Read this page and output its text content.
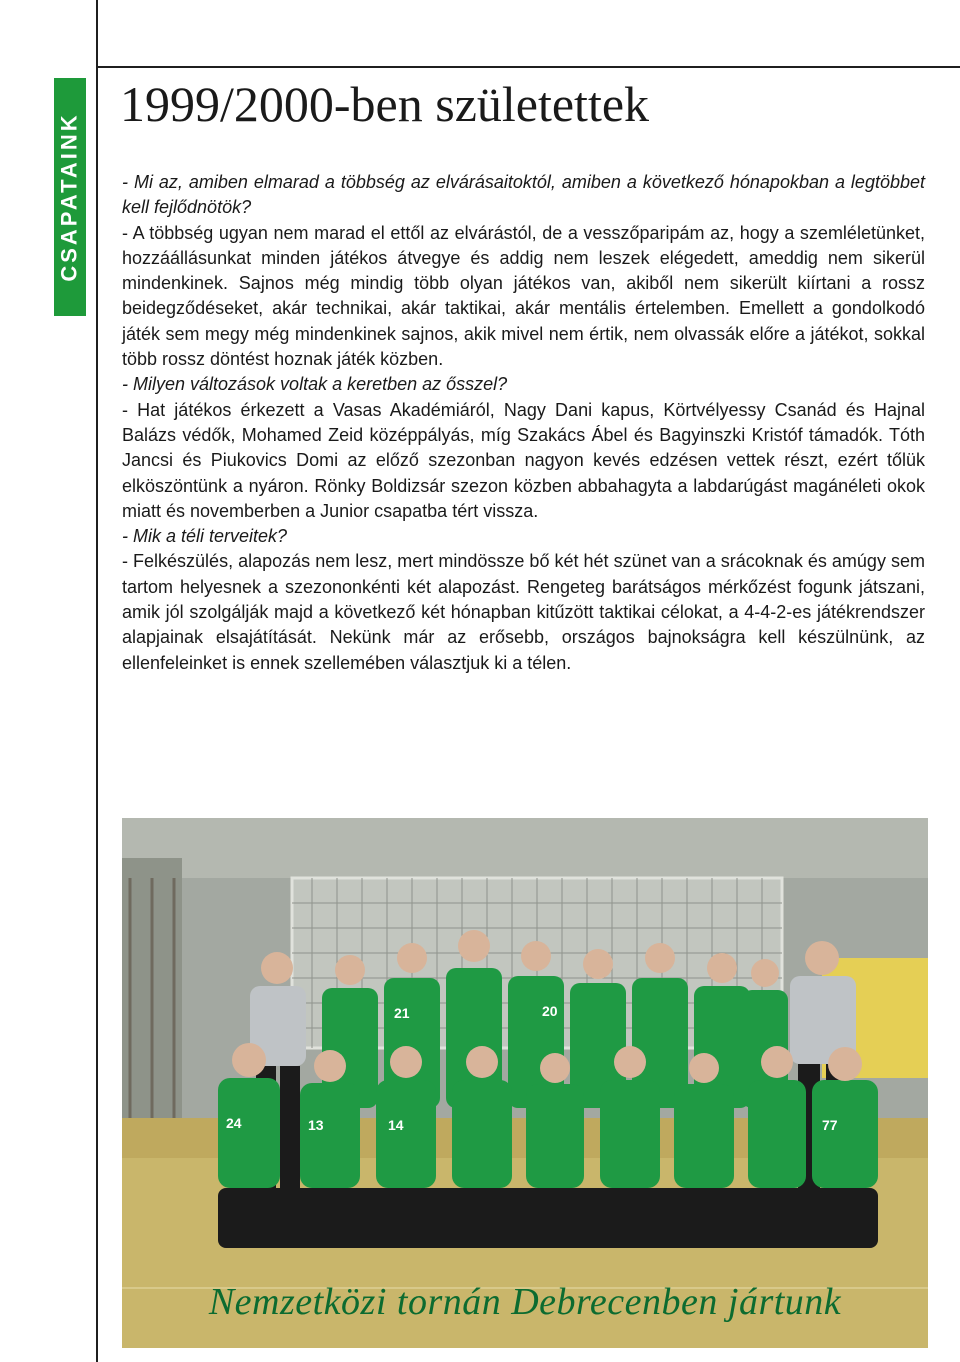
CSAPATAINK
1999/2000-ben születettek

- Mi az, amiben elmarad a többség az elvárásaitoktól, amiben a következő hónapokban a legtöbbet kell fejlődnötök?

- A többség ugyan nem marad el ettől az elvárástól, de a vesszőparipám az, hogy a szemléletünket, hozzáállásunkat minden játékos átvegye és addig nem leszek elégedett, ameddig nem sikerül mindenkinek. Sajnos még mindig több olyan játékos van, akiből nem sikerült kiírtani a rossz beidegződéseket, akár technikai, akár taktikai, akár mentális értelemben. Emellett a gondolkodó játék sem megy még mindenkinek sajnos, akik mivel nem értik, nem olvassák előre a játékot, sokkal több rossz döntést hoznak játék közben.

- Milyen változások voltak a keretben az ősszel?

- Hat játékos érkezett a Vasas Akadémiáról, Nagy Dani kapus, Körtvélyessy Csanád és Hajnal Balázs védők, Mohamed Zeid középpályás, míg Szakács Ábel és Bagyinszki Kristóf támadók. Tóth Jancsi és Piukovics Domi az előző szezonban nagyon kevés edzésen vettek részt, ezért tőlük elköszöntünk a nyáron. Rönky Boldizsár szezon közben abbahagyta a labdarúgást magánéleti okok miatt és novemberben a Junior csapatba tért vissza.

- Mik a téli terveitek?

- Felkészülés, alapozás nem lesz, mert mindössze bő két hét szünet van a srácoknak és amúgy sem tartom helyesnek a szezononkénti két alapozást. Rengeteg barátságos mérkőzést fogunk játszani, amik jól szolgálják majd a következő két hónapban kitűzött taktikai célokat, a 4-4-2-es játékrendszer alapjainak elsajátítását. Nekünk már az erősebb, országos bajnokságra kell készülnünk, az ellenfeleinket is ennek szellemében választjuk ki a télen.

21	20
24	13	14	77
Nemzetközi tornán Debrecenben jártunk
